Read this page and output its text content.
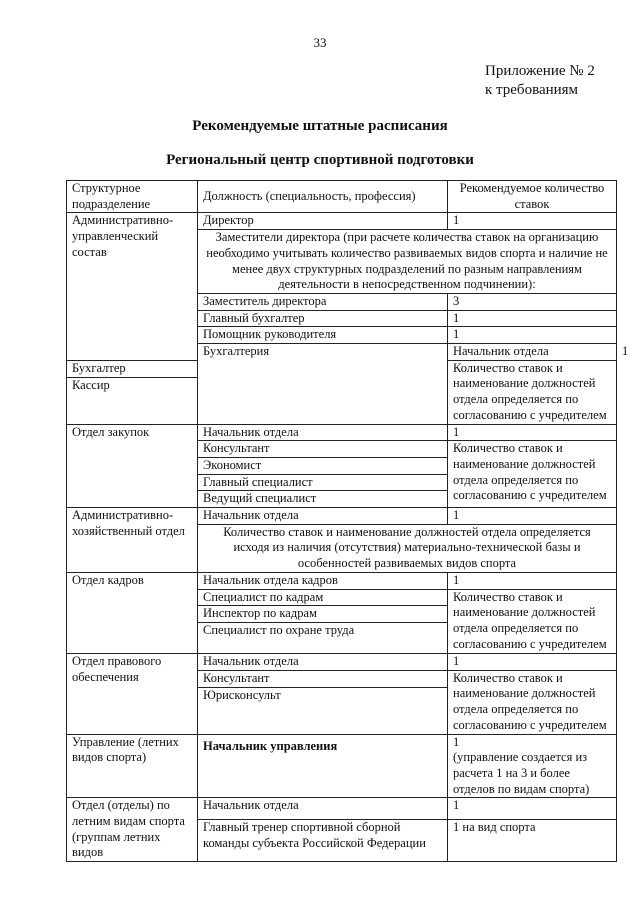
33
Приложение № 2
к требованиям
Рекомендуемые штатные расписания
Региональный центр спортивной подготовки
Структурное подразделение	Должность (специальность, профессия)	Рекомендуемое количество ставок	
Административно-управленческий состав	Директор	1	
	Заместители директора (при расчете количества ставок на организацию необходимо учитывать количество развиваемых видов спорта и наличие не менее двух структурных подразделений по разным направлениям деятельности в непосредственном подчинении):		
	Заместитель директора	3	
	Главный бухгалтер	1	
	Помощник руководителя	1	
	Бухгалтерия	Начальник отдела	1
Бухгалтер		Количество ставок и наименование должностей отдела определяется по согласованию с учредителем	
Кассир			
Отдел закупок	Начальник отдела	1	
	Консультант	Количество ставок и наименование должностей отдела определяется по согласованию с учредителем	
	Экономист		
	Главный специалист		
	Ведущий специалист		
Административно-хозяйственный отдел	Начальник отдела	1	
	Количество ставок и наименование должностей отдела определяется исходя из наличия (отсутствия) материально-технической базы и особенностей развиваемых видов спорта		
Отдел кадров	Начальник отдела кадров	1	
	Специалист по кадрам	Количество ставок и наименование должностей отдела определяется по согласованию с учредителем	
	Инспектор по кадрам		
	Специалист по охране труда		
Отдел правового обеспечения	Начальник отдела	1	
	Консультант	Количество ставок и наименование должностей отдела определяется по согласованию с учредителем	
	Юрисконсульт		
Управление (летних видов спорта)	Начальник управления	1
(управление создается из расчета 1 на 3 и более отделов по видам спорта)	

Отдел (отделы) по летним видам спорта (группам летних видов	Начальник отдела	1	
	Главный тренер спортивной сборной команды субъекта Российской Федерации	1 на вид спорта	
